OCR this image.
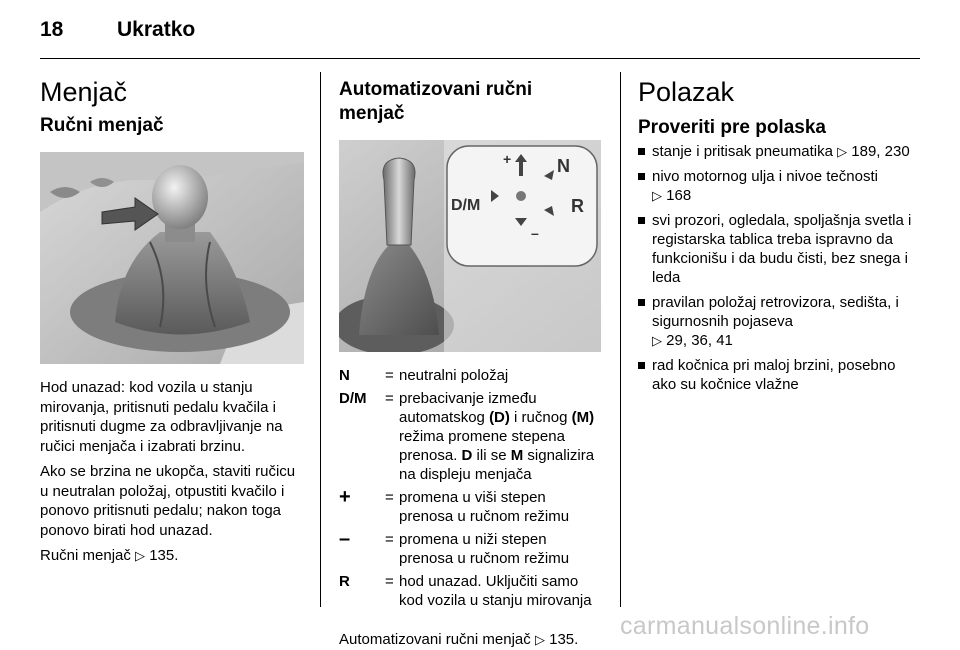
18	Ukratko
Menjač
Ručni menjač

Hod unazad: kod vozila u stanju mirovanja, pritisnuti pedalu kvačila i pritisnuti dugme za odbravljivanje na ručici menjača i izabrati brzinu.

Ako se brzina ne ukopča, staviti ručicu u neutralan položaj, otpustiti kvačilo i ponovo pritisnuti pedalu; nakon toga ponovo birati hod unazad.

Ručni menjač ▷ 135.

Automatizovani ručni menjač
D/M
N
R
+
–
N	= neutralni položaj
D/M	= prebacivanje između automatskog (D) i ručnog (M) režima promene stepena prenosa. D ili se M signalizira na displeju menjača
+	= promena u viši stepen prenosa u ručnom režimu
–	= promena u niži stepen prenosa u ručnom režimu
R	= hod unazad. Uključiti samo kod vozila u stanju mirovanja

Automatizovani ručni menjač ▷ 135.

Polazak
Proveriti pre polaska
stanje i pritisak pneumatika ▷ 189, 230
nivo motornog ulja i nivoe tečnosti
▷ 168
svi prozori, ogledala, spoljašnja svetla i registarska tablica treba ispravno da funkcionišu i da budu čisti, bez snega i leda
pravilan položaj retrovizora, sedišta, i sigurnosnih pojaseva
▷ 29, 36, 41
rad kočnica pri maloj brzini, posebno ako su kočnice vlažne
carmanualsonline.info
